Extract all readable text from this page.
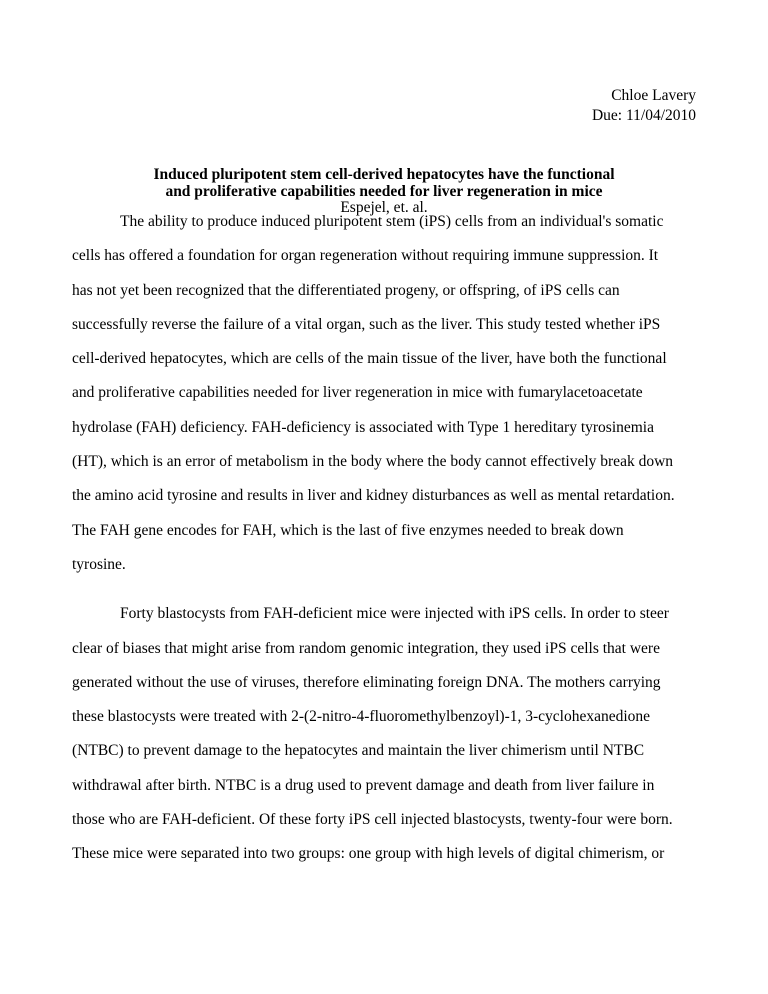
Chloe Lavery
Due: 11/04/2010
Induced pluripotent stem cell-derived hepatocytes have the functional
and proliferative capabilities needed for liver regeneration in mice
Espejel, et. al.
The ability to produce induced pluripotent stem (iPS) cells from an individual's somatic
cells has offered a foundation for organ regeneration without requiring immune suppression. It
has not yet been recognized that the differentiated progeny, or offspring, of iPS cells can
successfully reverse the failure of a vital organ, such as the liver. This study tested whether iPS
cell-derived hepatocytes, which are cells of the main tissue of the liver, have both the functional
and proliferative capabilities needed for liver regeneration in mice with fumarylacetoacetate
hydrolase (FAH) deficiency. FAH-deficiency is associated with Type 1 hereditary tyrosinemia
(HT), which is an error of metabolism in the body where the body cannot effectively break down
the amino acid tyrosine and results in liver and kidney disturbances as well as mental retardation.
The FAH gene encodes for FAH, which is the last of five enzymes needed to break down
tyrosine.
Forty blastocysts from FAH-deficient mice were injected with iPS cells. In order to steer
clear of biases that might arise from random genomic integration, they used iPS cells that were
generated without the use of viruses, therefore eliminating foreign DNA. The mothers carrying
these blastocysts were treated with 2-(2-nitro-4-fluoromethylbenzoyl)-1, 3-cyclohexanedione
(NTBC) to prevent damage to the hepatocytes and maintain the liver chimerism until NTBC
withdrawal after birth. NTBC is a drug used to prevent damage and death from liver failure in
those who are FAH-deficient. Of these forty iPS cell injected blastocysts, twenty-four were born.
These mice were separated into two groups: one group with high levels of digital chimerism, or
